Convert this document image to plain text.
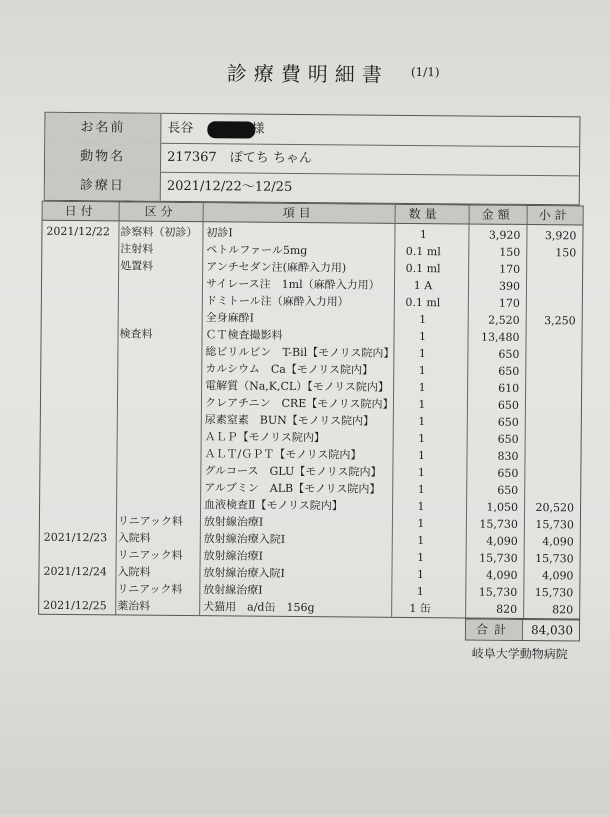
診療費明細書	(1/1)
お名前	長谷	様
動物名	217367　ぽてち ちゃん
診療日	2021/12/22〜12/25
日付	区分	項目	数量	金額	小計
2021/12/22 診察料（初診） 初診Ⅰ	1	3,920	3,920
注射料	ペトルファール5mg	0.1 ml	150	150
処置料	アンチセダン注(麻酔入力用)	0.1 ml	170
サイレース注　1ml（麻酔入力用）	1 A	390
ドミトール注（麻酔入力用）	0.1 ml	170
全身麻酔Ⅰ	1	2,520	3,250
検査料	ＣＴ検査撮影料	1	13,480
総ビリルビン　T-Bil【モノリス院内】	1	650
カルシウム　Ca【モノリス院内】	1	650
電解質（Na,K,CL）【モノリス院内】	1	610
クレアチニン　CRE【モノリス院内】	1	650
尿素窒素　BUN【モノリス院内】	1	650
ＡＬＰ【モノリス院内】	1	650
ＡＬＴ/ＧＰＴ【モノリス院内】	1	830
グルコース　GLU【モノリス院内】	1	650
アルブミン　ALB【モノリス院内】	1	650
血液検査Ⅱ【モノリス院内】	1	1,050	20,520
リニアック料 放射線治療Ⅰ	1	15,730	15,730
2021/12/23 入院料	放射線治療入院Ⅰ	1	4,090	4,090
リニアック料 放射線治療Ⅰ	1	15,730	15,730
2021/12/24 入院料	放射線治療入院Ⅰ	1	4,090	4,090
リニアック料 放射線治療Ⅰ	1	15,730	15,730
2021/12/25 薬治料	犬猫用　a/d缶　156g	1 缶	820	820
合計	84,030
岐阜大学動物病院
